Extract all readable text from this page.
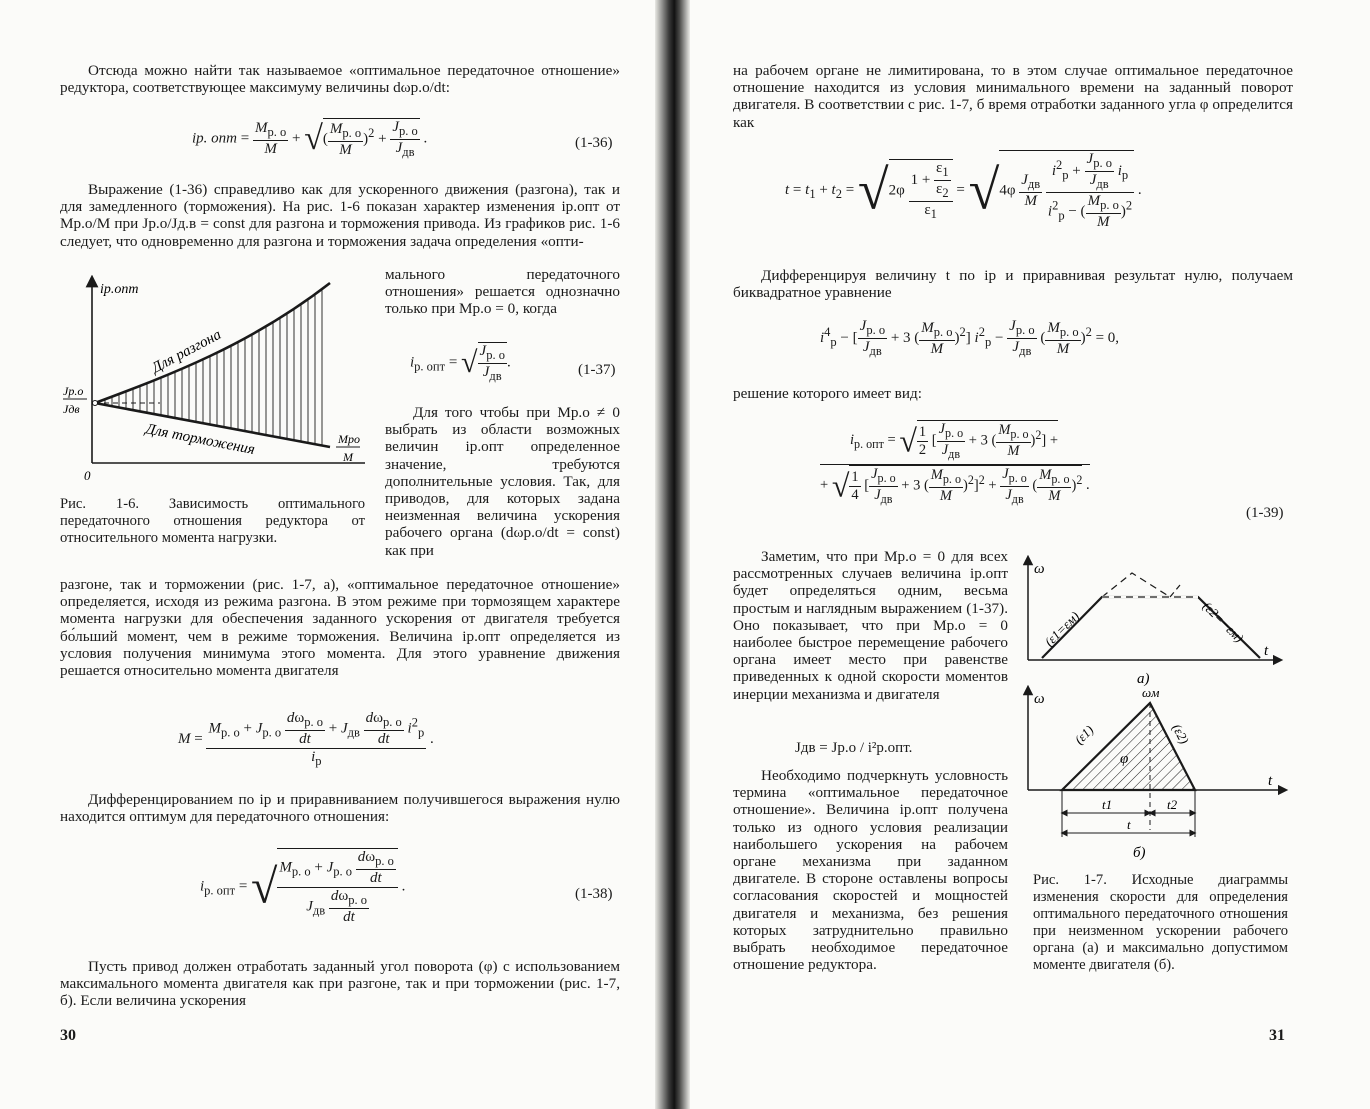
Отсюда можно найти так называемое «оптимальное передаточное отношение» редуктора, соответствующее максимуму величины dωр.о/dt:

iр. опт = $\frac{M_{р. о}}{M}$ + √( $\frac{M_{р. о}}{M} )^2 + \frac{J_{р. о}}{J_{дв}}$ .	(1-36)

Выражение (1-36) справедливо как для ускоренного движения (разгона), так и для замедленного (торможения). На рис. 1-6 показан характер изменения iр.опт от Mр.о/M при Jр.о/Jд.в = const для разгона и торможения привода. Из графиков рис. 1-6 следует, что одновременно для разгона и торможения задача определения «опти-

iр.опт
Jр.о
Jдв
Mро
M
0
Для разгона
Для торможения
Рис. 1-6. Зависимость оптимального передаточного отношения редуктора от относительного момента нагрузки.
$i_{р. опт}$ = √ $\frac{J_{р. о}}{J_{дв}}$ .	(1-37)
$M = \frac{M_{р. о} + J_{р. о} \frac{d\omega_{р. о}}{dt} + J_{дв} \frac{d\omega_{р. о}}{dt} i^2_р}{i_р}$ .

Дифференцированием по iр и приравниванием получившегося выражения нулю находится оптимум для передаточного отношения:

$i_{р. опт}$ = √ $\frac{M_{р. о} + J_{р. о} \frac{d\omega_{р. о}}{dt}}{J_{дв} \frac{d\omega_{р. о}}{dt}}$ .	(1-38)

Пусть привод должен отработать заданный угол поворота (φ) с использованием максимального момента двигателя как при разгоне, так и при торможении (рис. 1-7, б). Если величина ускорения

30

мального передаточного отношения» решается однозначно только при Mр.о = 0, когда

Для того чтобы при Mр.о ≠ 0 выбрать из области возможных величин iр.опт определенное значение, требуются дополнительные условия. Так, для приводов, для которых задана неизменная величина ускорения рабочего органа (dωр.о/dt = const) как при

на рабочем органе не лимитирована, то в этом случае оптимальное передаточное отношение находится из условия минимального времени на заданный поворот двигателя. В соответствии с рис. 1-7, б время отработки заданного угла φ определится как

$t = t_1 + t_2 = √2\varphi \frac{1 + \frac{\varepsilon_1}{\varepsilon_2}}{\varepsilon_1} = √4\varphi \frac{J_{дв}}{M}$
$\frac{i^2_р + \frac{J_{р. о}}{J_{дв}} i_р}{i^2_р - ( \frac{M_{р. о}}{M} )^2}$ .

Дифференцируя величину t по iр и приравнивая результат нулю, получаем биквадратное уравнение

$i^4_р$ − [ $\frac{J_{р. о}}{J_{дв}} + 3$ ( $\frac{M_{р. о}}{M} )^2$] $i^2_р - \frac{J_{р. о}}{J_{дв}}$ ( $\frac{M_{р. о}}{M} )^2 = 0$,

решение которого имеет вид:

$i_{р. опт}$ = √ $\frac{1}{2}$ [ $\frac{J_{р. о}}{J_{дв}} + 3$ ( $\frac{M_{р. о}}{M} )^2$] +
+ √ $\frac{1}{4}$ [ $\frac{J_{р. о}}{J_{дв}} + 3$ ( $\frac{M_{р. о}}{M} )^2]^2 + \frac{J_{р. о}}{J_{дв}}$ ( $\frac{M_{р. о}}{M} )^2$ .
(1-39)

Заметим, что при Mр.о = 0 для всех рассмотренных случаев величина iр.опт будет определяться одним, весьма простым и наглядным выражением (1-37). Оно показывает, что при Mр.о = 0 наиболее быстрое перемещение рабочего органа имеет место при равенстве приведенных к одной скорости моментов инерции механизма и двигателя

Jдв = Jр.о / i²р.опт.

Необходимо подчеркнуть условность термина «оптимальное передаточное отношение». Величина iр.опт получена только из одного условия реализации наибольшего ускорения на рабочем органе механизма при заданном двигателе. В стороне оставлены вопросы согласования скоростей и мощностей двигателя и механизма, без решения которых затруднительно правильно выбрать необходимое передаточное отношение редуктора.

ω
t
(ε1=εм)	(ε2=−εм)
а)
ω
t
ωм
(ε1)	(ε2)
φ
t1	t2
t
б)
Рис. 1-7. Исходные диаграммы изменения скорости для определения оптимального передаточного отношения при неизменном ускорении рабочего органа (а) и максимально допустимом моменте двигателя (б).
31

разгоне, так и торможении (рис. 1-7, а), «оптимальное передаточное отношение» определяется, исходя из режима разгона. В этом режиме при тормозящем характере момента нагрузки для обеспечения заданного ускорения от двигателя требуется бо́льший момент, чем в режиме торможения. Величина iр.опт определяется из условия получения минимума этого момента. Для этого уравнение движения решается относительно момента двигателя
